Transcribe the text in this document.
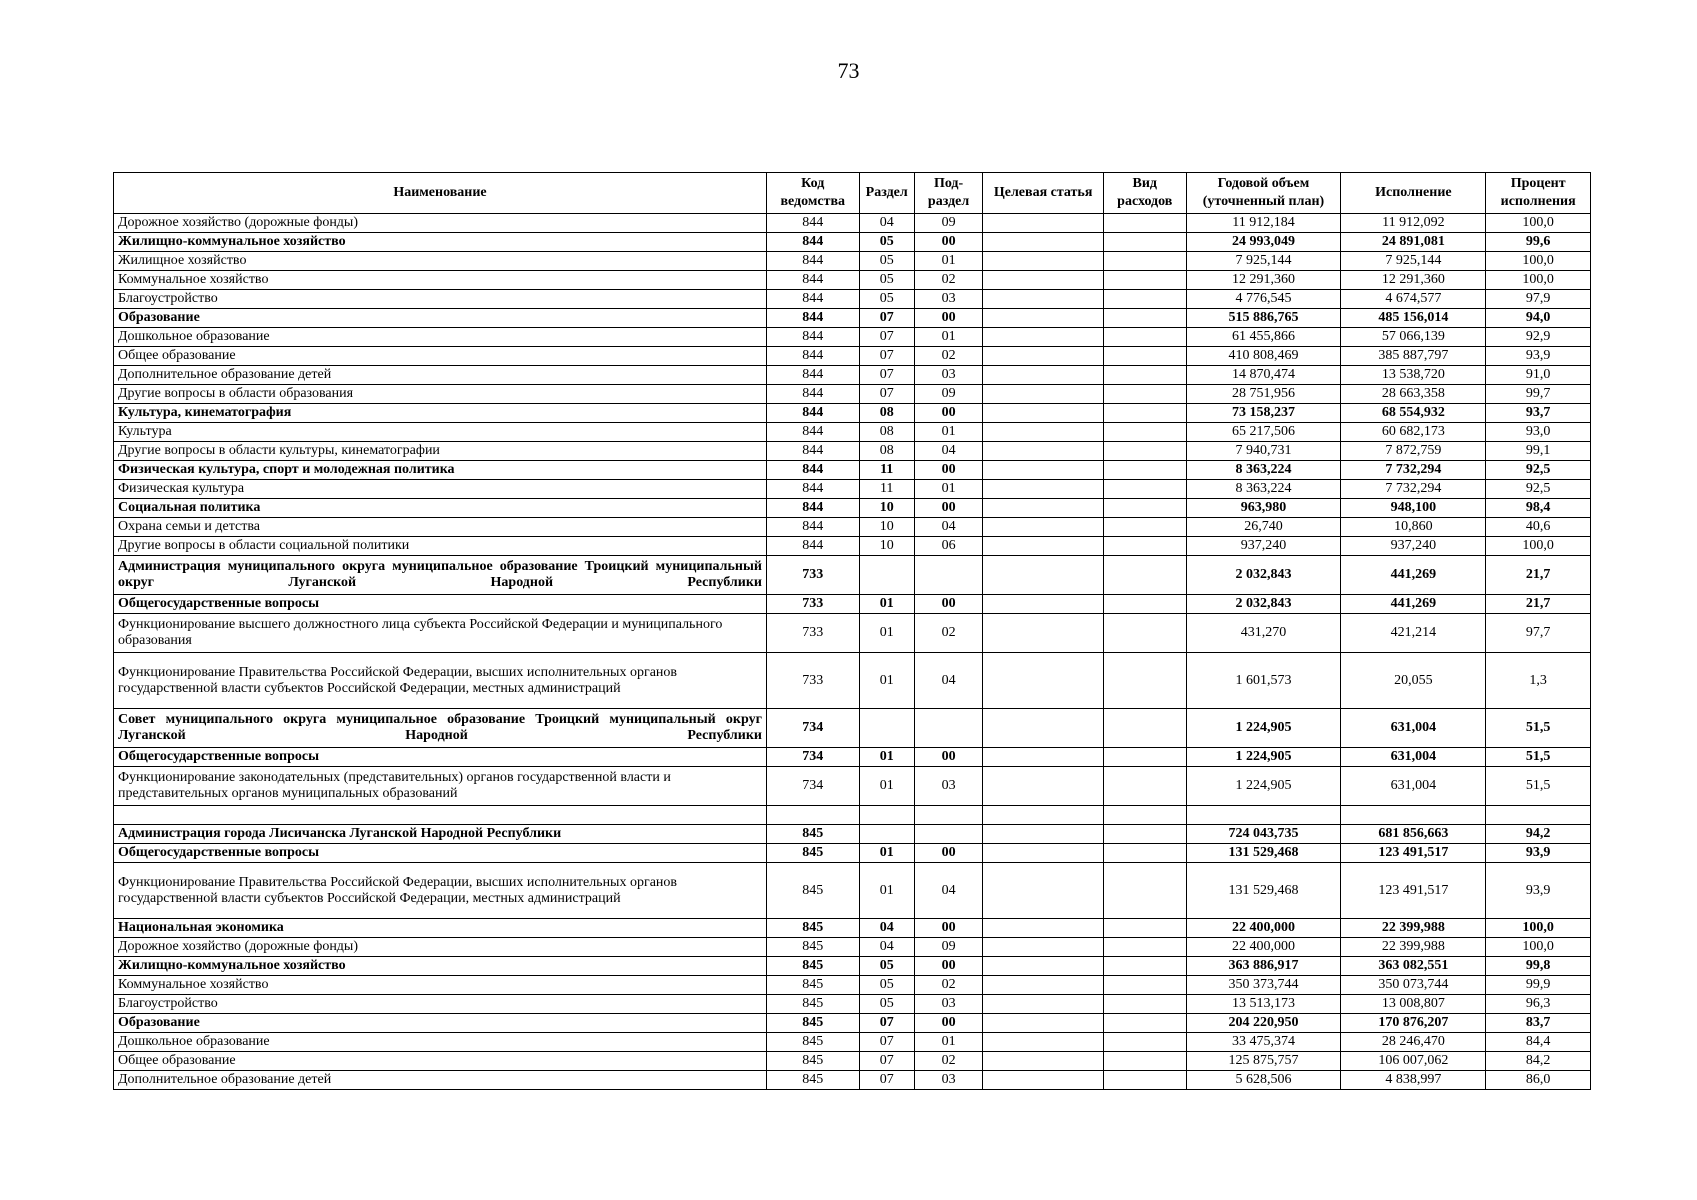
73
Наименование	Код ведомства	Раздел	Под-раздел	Целевая статья	Вид расходов	Годовой объем (уточненный план)	Исполнение	Процент исполнения
Дорожное хозяйство (дорожные фонды)	844	04	09			11 912,184	11 912,092	100,0
Жилищно-коммунальное хозяйство	844	05	00			24 993,049	24 891,081	99,6
Жилищное хозяйство	844	05	01			7 925,144	7 925,144	100,0
Коммунальное хозяйство	844	05	02			12 291,360	12 291,360	100,0
Благоустройство	844	05	03			4 776,545	4 674,577	97,9
Образование	844	07	00			515 886,765	485 156,014	94,0
Дошкольное образование	844	07	01			61 455,866	57 066,139	92,9
Общее образование	844	07	02			410 808,469	385 887,797	93,9
Дополнительное образование детей	844	07	03			14 870,474	13 538,720	91,0
Другие вопросы в области образования	844	07	09			28 751,956	28 663,358	99,7
Культура, кинематография	844	08	00			73 158,237	68 554,932	93,7
Культура	844	08	01			65 217,506	60 682,173	93,0
Другие вопросы в области культуры, кинематографии	844	08	04			7 940,731	7 872,759	99,1
Физическая культура, спорт и молодежная политика	844	11	00			8 363,224	7 732,294	92,5
Физическая культура	844	11	01			8 363,224	7 732,294	92,5
Социальная политика	844	10	00			963,980	948,100	98,4
Охрана семьи и детства	844	10	04			26,740	10,860	40,6
Другие вопросы в области социальной политики	844	10	06			937,240	937,240	100,0
Администрация муниципального округа муниципальное образование Троицкий муниципальный округ Луганской Народной Республики	733					2 032,843	441,269	21,7
Общегосударственные вопросы	733	01	00			2 032,843	441,269	21,7
Функционирование высшего должностного лица субъекта Российской Федерации и муниципального образования	733	01	02			431,270	421,214	97,7
Функционирование Правительства Российской Федерации, высших исполнительных органов государственной власти субъектов Российской Федерации, местных администраций	733	01	04			1 601,573	20,055	1,3
Совет муниципального округа муниципальное образование Троицкий муниципальный округ Луганской Народной Республики	734					1 224,905	631,004	51,5
Общегосударственные вопросы	734	01	00			1 224,905	631,004	51,5
Функционирование законодательных (представительных) органов государственной власти и представительных органов муниципальных образований	734	01	03			1 224,905	631,004	51,5

Администрация города Лисичанска Луганской Народной Республики	845					724 043,735	681 856,663	94,2
Общегосударственные вопросы	845	01	00			131 529,468	123 491,517	93,9
Функционирование Правительства Российской Федерации, высших исполнительных органов государственной власти субъектов Российской Федерации, местных администраций	845	01	04			131 529,468	123 491,517	93,9
Национальная экономика	845	04	00			22 400,000	22 399,988	100,0
Дорожное хозяйство (дорожные фонды)	845	04	09			22 400,000	22 399,988	100,0
Жилищно-коммунальное хозяйство	845	05	00			363 886,917	363 082,551	99,8
Коммунальное хозяйство	845	05	02			350 373,744	350 073,744	99,9
Благоустройство	845	05	03			13 513,173	13 008,807	96,3
Образование	845	07	00			204 220,950	170 876,207	83,7
Дошкольное образование	845	07	01			33 475,374	28 246,470	84,4
Общее образование	845	07	02			125 875,757	106 007,062	84,2
Дополнительное образование детей	845	07	03			5 628,506	4 838,997	86,0
